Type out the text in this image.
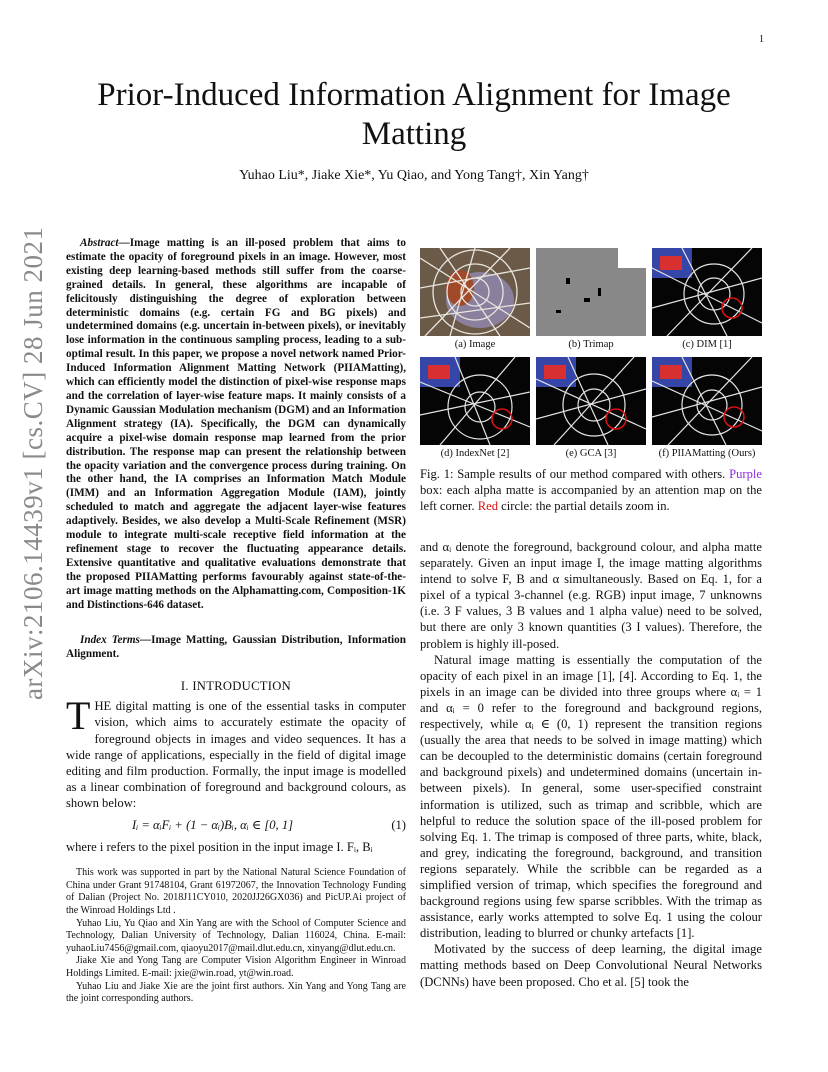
1
arXiv:2106.14439v1 [cs.CV] 28 Jun 2021
Prior-Induced Information Alignment for Image Matting
Yuhao Liu*, Jiake Xie*, Yu Qiao, and Yong Tang†, Xin Yang†

Abstract—Image matting is an ill-posed problem that aims to estimate the opacity of foreground pixels in an image. However, most existing deep learning-based methods still suffer from the coarse-grained details. In general, these algorithms are incapable of felicitously distinguishing the degree of exploration between deterministic domains (e.g. certain FG and BG pixels) and undetermined domains (e.g. uncertain in-between pixels), or inevitably lose information in the continuous sampling process, leading to a sub-optimal result. In this paper, we propose a novel network named Prior-Induced Information Alignment Matting Network (PIIAMatting), which can efficiently model the distinction of pixel-wise response maps and the correlation of layer-wise feature maps. It mainly consists of a Dynamic Gaussian Modulation mechanism (DGM) and an Information Alignment strategy (IA). Specifically, the DGM can dynamically acquire a pixel-wise domain response map learned from the prior distribution. The response map can present the relationship between the opacity variation and the convergence process during training. On the other hand, the IA comprises an Information Match Module (IMM) and an Information Aggregation Module (IAM), jointly scheduled to match and aggregate the adjacent layer-wise features adaptively. Besides, we also develop a Multi-Scale Refinement (MSR) module to integrate multi-scale receptive field information at the refinement stage to recover the fluctuating appearance details. Extensive quantitative and qualitative evaluations demonstrate that the proposed PIIAMatting performs favourably against state-of-the-art image matting methods on the Alphamatting.com, Composition-1K and Distinctions-646 dataset.

Index Terms—Image Matting, Gaussian Distribution, Information Alignment.

I. INTRODUCTION

THE digital matting is one of the essential tasks in computer vision, which aims to accurately estimate the opacity of foreground objects in images and video sequences. It has a wide range of applications, especially in the field of digital image editing and film production. Formally, the input image is modelled as a linear combination of foreground and background colours, as shown below:

Iᵢ = αᵢFᵢ + (1 − αᵢ)Bᵢ, αᵢ ∈ [0, 1]	(1)

where i refers to the pixel position in the input image I. Fᵢ, Bᵢ

This work was supported in part by the National Natural Science Foundation of China under Grant 91748104, Grant 61972067, the Innovation Technology Funding of Dalian (Project No. 2018J11CY010, 2020JJ26GX036) and PicUP.Ai project of the Winroad Holdings Ltd .

Yuhao Liu, Yu Qiao and Xin Yang are with the School of Computer Science and Technology, Dalian University of Technology, Dalian 116024, China. E-mail: yuhaoLiu7456@gmail.com, qiaoyu2017@mail.dlut.edu.cn, xinyang@dlut.edu.cn.

Jiake Xie and Yong Tang are Computer Vision Algorithm Engineer in Winroad Holdings Limited. E-mail: jxie@win.road, yt@win.road.

Yuhao Liu and Jiake Xie are the joint first authors. Xin Yang and Yong Tang are the joint corresponding authors.

(a) Image	(b) Trimap	(c) DIM [1]
(d) IndexNet [2]	(e) GCA [3]	(f) PIIAMatting (Ours)

Fig. 1: Sample results of our method compared with others. Purple box: each alpha matte is accompanied by an attention map on the left corner. Red circle: the partial details zoom in.

and αᵢ denote the foreground, background colour, and alpha matte separately. Given an input image I, the image matting algorithms intend to solve F, B and α simultaneously. Based on Eq. 1, for a pixel of a typical 3-channel (e.g. RGB) input image, 7 unknowns (i.e. 3 F values, 3 B values and 1 alpha value) need to be solved, but there are only 3 known quantities (3 I values). Therefore, the problem is highly ill-posed.

Natural image matting is essentially the computation of the opacity of each pixel in an image [1], [4]. According to Eq. 1, the pixels in an image can be divided into three groups where αᵢ = 1 and αᵢ = 0 refer to the foreground and background regions, respectively, while αᵢ ∈ (0, 1) represent the transition regions (usually the area that needs to be solved in image matting) which can be decoupled to the deterministic domains (certain foreground and background pixels) and undetermined domains (uncertain in-between pixels). In general, some user-specified constraint information is utilized, such as trimap and scribble, which are helpful to reduce the solution space of the ill-posed problem for solving Eq. 1. The trimap is composed of three parts, white, black, and grey, indicating the foreground, background, and transition regions separately. While the scribble can be regarded as a simplified version of trimap, which specifies the foreground and background regions using few sparse scribbles. With the trimap as assistance, early works attempted to solve Eq. 1 using the colour distribution, leading to blurred or chunky artefacts [1].

Motivated by the success of deep learning, the digital image matting methods based on Deep Convolutional Neural Networks (DCNNs) have been proposed. Cho et al. [5] took the
